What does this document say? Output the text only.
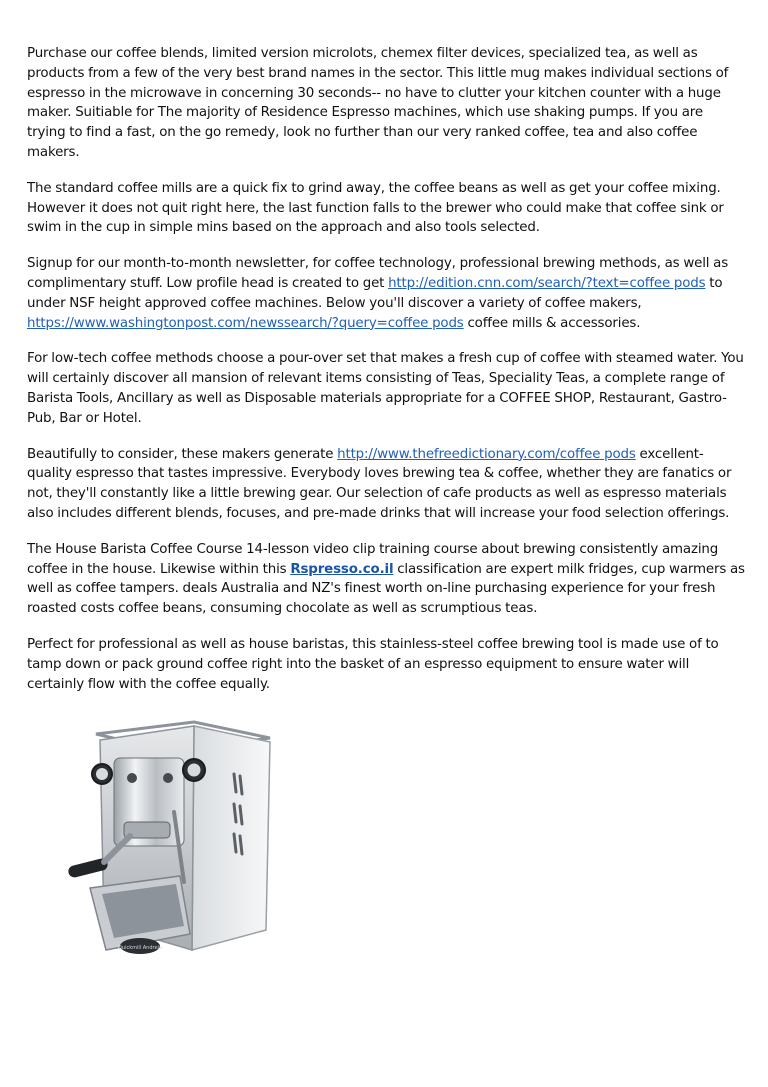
Purchase our coffee blends, limited version microlots, chemex filter devices, specialized tea, as well as products from a few of the very best brand names in the sector. This little mug makes individual sections of espresso in the microwave in concerning 30 seconds-- no have to clutter your kitchen counter with a huge maker. Suitiable for The majority of Residence Espresso machines, which use shaking pumps. If you are trying to find a fast, on the go remedy, look no further than our very ranked coffee, tea and also coffee makers.

The standard coffee mills are a quick fix to grind away, the coffee beans as well as get your coffee mixing. However it does not quit right here, the last function falls to the brewer who could make that coffee sink or swim in the cup in simple mins based on the approach and also tools selected.

Signup for our month-to-month newsletter, for coffee technology, professional brewing methods, as well as complimentary stuff. Low profile head is created to get http://edition.cnn.com/search/?text=coffee pods to under NSF height approved coffee machines. Below you'll discover a variety of coffee makers, https://www.washingtonpost.com/newssearch/?query=coffee pods coffee mills & accessories.

For low-tech coffee methods choose a pour-over set that makes a fresh cup of coffee with steamed water. You will certainly discover all mansion of relevant items consisting of Teas, Speciality Teas, a complete range of Barista Tools, Ancillary as well as Disposable materials appropriate for a COFFEE SHOP, Restaurant, Gastro-Pub, Bar or Hotel.

Beautifully to consider, these makers generate http://www.thefreedictionary.com/coffee pods excellent-quality espresso that tastes impressive. Everybody loves brewing tea & coffee, whether they are fanatics or not, they'll constantly like a little brewing gear. Our selection of cafe products as well as espresso materials also includes different blends, focuses, and pre-made drinks that will increase your food selection offerings.

The House Barista Coffee Course 14-lesson video clip training course about brewing consistently amazing coffee in the house. Likewise within this Rspresso.co.il classification are expert milk fridges, cup warmers as well as coffee tampers. deals Australia and NZ's finest worth on-line purchasing experience for your fresh roasted costs coffee beans, consuming chocolate as well as scrumptious teas.

Perfect for professional as well as house baristas, this stainless-steel coffee brewing tool is made use of to tamp down or pack ground coffee right into the basket of an espresso equipment to ensure water will certainly flow with the coffee equally.

Quickmill Andreja
